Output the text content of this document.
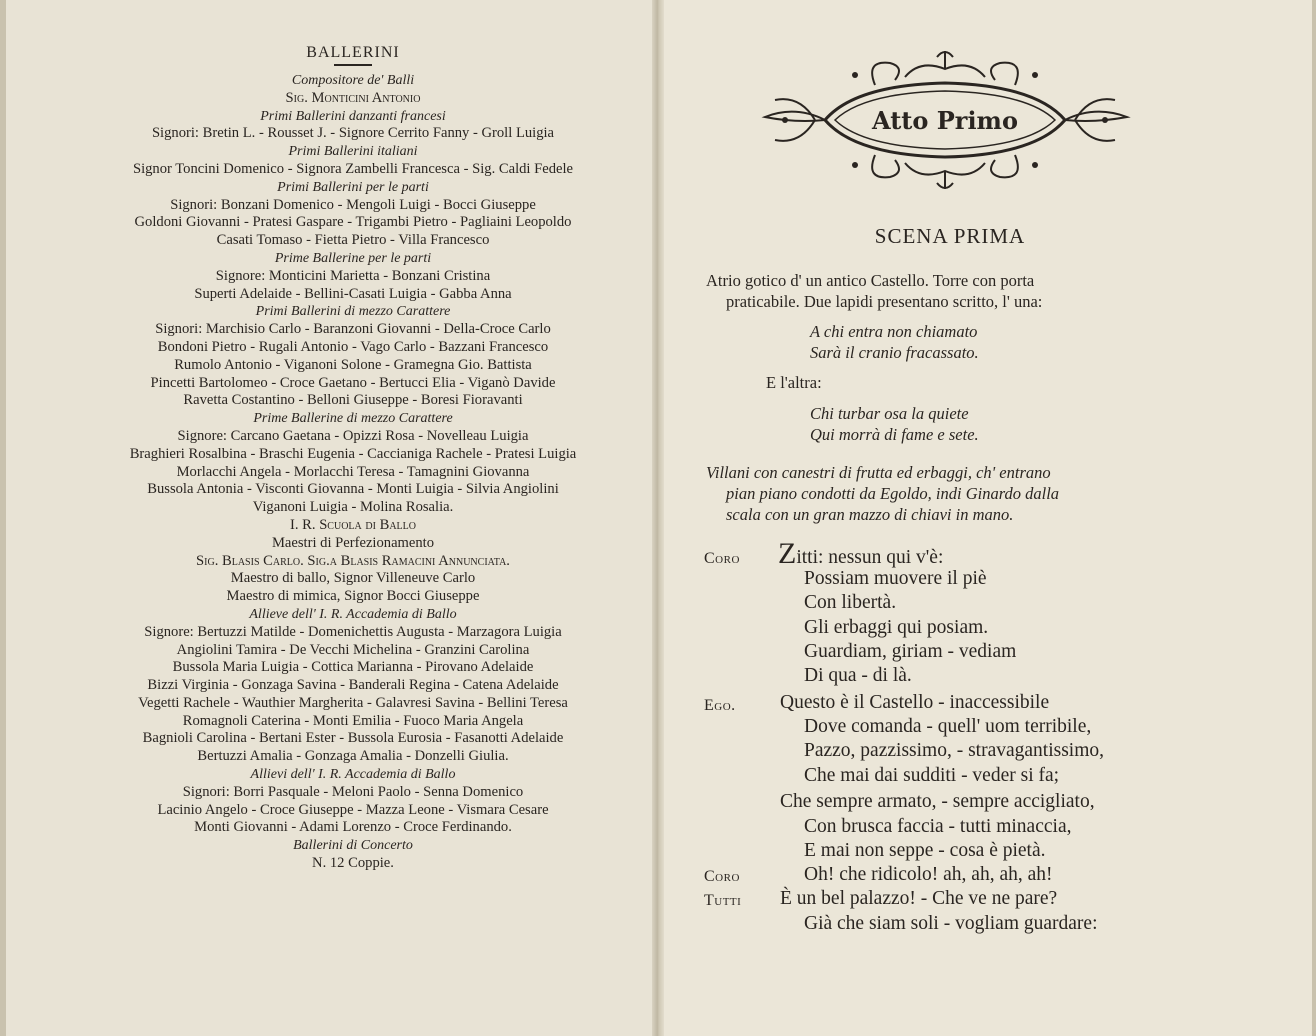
BALLERINI
Compositore de' Balli
Sig. Monticini Antonio
Primi Ballerini danzanti francesi
Signori: Bretin L. - Rousset J. - Signore Cerrito Fanny - Groll Luigia
Primi Ballerini italiani
Signor Toncini Domenico - Signora Zambelli Francesca - Sig. Caldi Fedele
Primi Ballerini per le parti
Signori: Bonzani Domenico - Mengoli Luigi - Bocci Giuseppe
Goldoni Giovanni - Pratesi Gaspare - Trigambi Pietro - Pagliaini Leopoldo
Casati Tomaso - Fietta Pietro - Villa Francesco
Prime Ballerine per le parti
Signore: Monticini Marietta - Bonzani Cristina
Superti Adelaide - Bellini-Casati Luigia - Gabba Anna
Primi Ballerini di mezzo Carattere
Signori: Marchisio Carlo - Baranzoni Giovanni - Della-Croce Carlo
Bondoni Pietro - Rugali Antonio - Vago Carlo - Bazzani Francesco
Rumolo Antonio - Viganoni Solone - Gramegna Gio. Battista
Pincetti Bartolomeo - Croce Gaetano - Bertucci Elia - Viganò Davide
Ravetta Costantino - Belloni Giuseppe - Boresi Fioravanti
Prime Ballerine di mezzo Carattere
Signore: Carcano Gaetana - Opizzi Rosa - Novelleau Luigia
Braghieri Rosalbina - Braschi Eugenia - Caccianiga Rachele - Pratesi Luigia
Morlacchi Angela - Morlacchi Teresa - Tamagnini Giovanna
Bussola Antonia - Visconti Giovanna - Monti Luigia - Silvia Angiolini
Viganoni Luigia - Molina Rosalia.
I. R. Scuola di Ballo
Maestri di Perfezionamento
Sig. Blasis Carlo. Sig.a Blasis Ramacini Annunciata.
Maestro di ballo, Signor Villeneuve Carlo
Maestro di mimica, Signor Bocci Giuseppe
Allieve dell' I. R. Accademia di Ballo
Signore: Bertuzzi Matilde - Domenichettis Augusta - Marzagora Luigia
Angiolini Tamira - De Vecchi Michelina - Granzini Carolina
Bussola Maria Luigia - Cottica Marianna - Pirovano Adelaide
Bizzi Virginia - Gonzaga Savina - Banderali Regina - Catena Adelaide
Vegetti Rachele - Wauthier Margherita - Galavresi Savina - Bellini Teresa
Romagnoli Caterina - Monti Emilia - Fuoco Maria Angela
Bagnioli Carolina - Bertani Ester - Bussola Eurosia - Fasanotti Adelaide
Bertuzzi Amalia - Gonzaga Amalia - Donzelli Giulia.
Allievi dell' I. R. Accademia di Ballo
Signori: Borri Pasquale - Meloni Paolo - Senna Domenico
Lacinio Angelo - Croce Giuseppe - Mazza Leone - Vismara Cesare
Monti Giovanni - Adami Lorenzo - Croce Ferdinando.
Ballerini di Concerto
N. 12 Coppie.
Atto Primo
SCENA PRIMA
Atrio gotico d' un antico Castello. Torre con porta
praticabile. Due lapidi presentano scritto, l' una:
A chi entra non chiamato
Sarà il cranio fracassato.
E l'altra:
Chi turbar osa la quiete
Qui morrà di fame e sete.
Villani con canestri di frutta ed erbaggi, ch' entrano
pian piano condotti da Egoldo, indi Ginardo dalla
scala con un gran mazzo di chiavi in mano.
Coro
Ego.
Coro
Tutti
Zitti: nessun qui v'è:
Possiam muovere il piè
Con libertà.
Gli erbaggi qui posiam.
Guardiam, giriam - vediam
Di qua - di là.
Questo è il Castello - inaccessibile
Dove comanda - quell' uom terribile,
Pazzo, pazzissimo, - stravagantissimo,
Che mai dai sudditi - veder si fa;
Che sempre armato, - sempre accigliato,
Con brusca faccia - tutti minaccia,
E mai non seppe - cosa è pietà.
Oh! che ridicolo! ah, ah, ah, ah!
È un bel palazzo! - Che ve ne pare?
Già che siam soli - vogliam guardare:
